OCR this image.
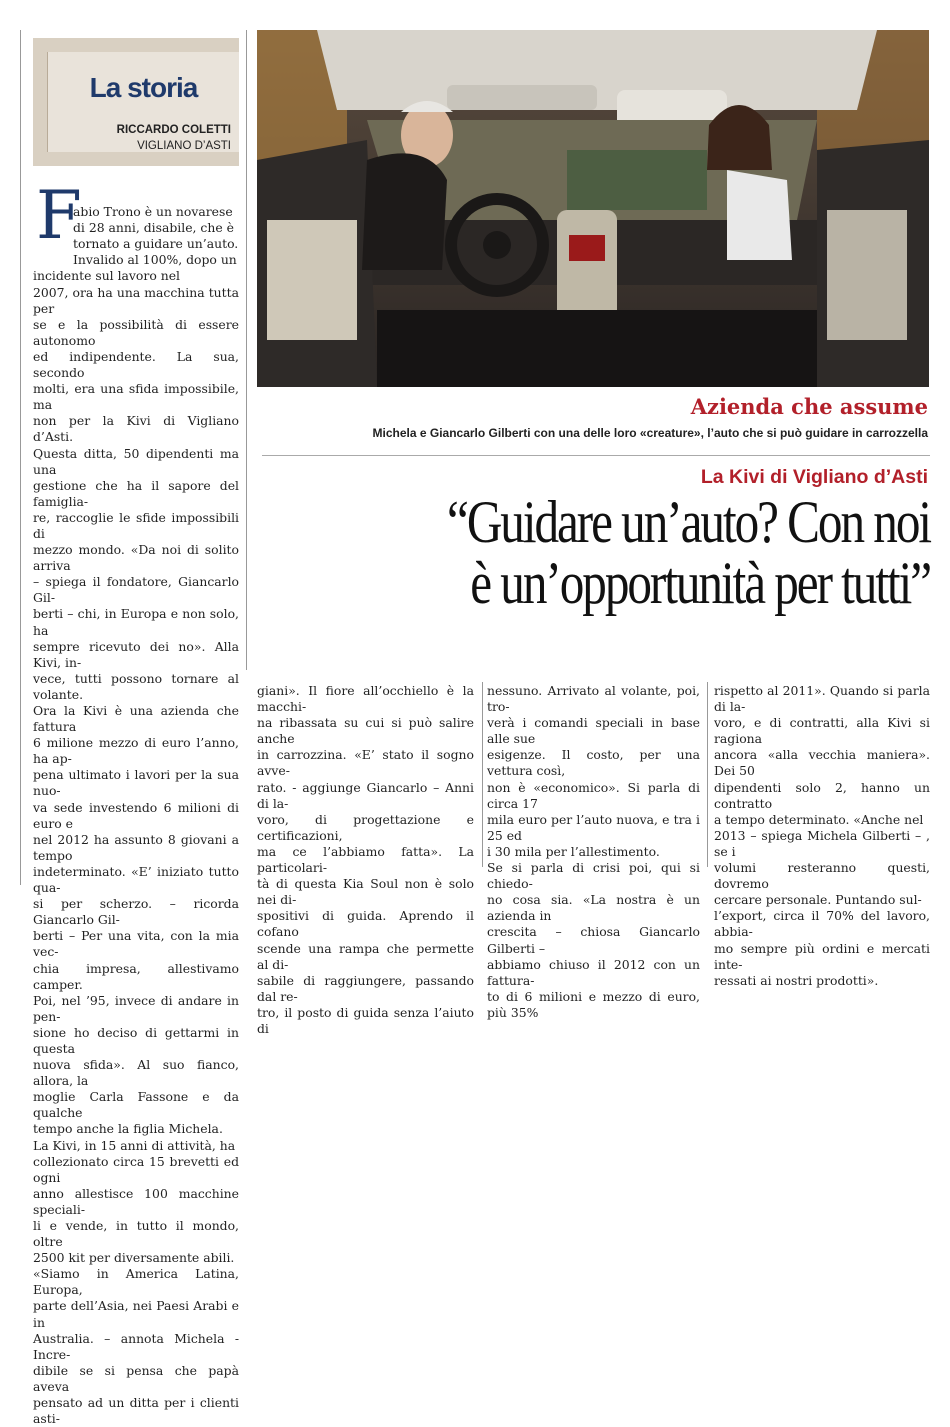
La storia
RICCARDO COLETTI
VIGLIANO D’ASTI
F

abio Trono è un novarese
di 28 anni, disabile, che è
tornato a guidare un’auto.
Invalido al 100%, dopo un
incidente sul lavoro nel
2007, ora ha una macchina tutta per
se e la possibilità di essere autonomo
ed indipendente. La sua, secondo
molti, era una sfida impossibile, ma
non per la Kivi di Vigliano d’Asti.
Questa ditta, 50 dipendenti ma una
gestione che ha il sapore del famiglia-
re, raccoglie le sfide impossibili di
mezzo mondo. «Da noi di solito arriva
– spiega il fondatore, Giancarlo Gil-
berti – chi, in Europa e non solo, ha
sempre ricevuto dei no». Alla Kivi, in-
vece, tutti possono tornare al volante.
Ora la Kivi è una azienda che fattura
6 milione mezzo di euro l’anno, ha ap-
pena ultimato i lavori per la sua nuo-
va sede investendo 6 milioni di euro e
nel 2012 ha assunto 8 giovani a tempo
indeterminato. «E’ iniziato tutto qua-
si per scherzo. – ricorda Giancarlo Gil-
berti – Per una vita, con la mia vec-
chia impresa, allestivamo camper.
Poi, nel ’95, invece di andare in pen-
sione ho deciso di gettarmi in questa
nuova sfida». Al suo fianco, allora, la
moglie Carla Fassone e da qualche
tempo anche la figlia Michela.
La Kivi, in 15 anni di attività, ha
collezionato circa 15 brevetti ed ogni
anno allestisce 100 macchine speciali-
li e vende, in tutto il mondo, oltre
2500 kit per diversamente abili.
«Siamo in America Latina, Europa,
parte dell’Asia, nei Paesi Arabi e in
Australia. – annota Michela - Incre-
dibile se si pensa che papà aveva
pensato ad un ditta per i clienti asti-

Azienda che assume
Michela e Giancarlo Gilberti con una delle loro «creature», l’auto che si può guidare in carrozzella
La Kivi di Vigliano d’Asti
“Guidare un’auto? Con noi
è un’opportunità per tutti”
giani». Il fiore all’occhiello è la macchi-
na ribassata su cui si può salire anche
in carrozzina. «E’ stato il sogno avve-
rato. - aggiunge Giancarlo – Anni di la-
voro, di progettazione e certificazioni,
ma ce l’abbiamo fatta». La particolari-
tà di questa Kia Soul non è solo nei di-
spositivi di guida. Aprendo il cofano
scende una rampa che permette al di-
sabile di raggiungere, passando dal re-
tro, il posto di guida senza l’aiuto di
nessuno. Arrivato al volante, poi, tro-
verà i comandi speciali in base alle sue
esigenze. Il costo, per una vettura così,
non è «economico». Si parla di circa 17
mila euro per l’auto nuova, e tra i 25 ed
i 30 mila per l’allestimento.
Se si parla di crisi poi, qui si chiedo-
no cosa sia. «La nostra è un azienda in
crescita – chiosa Giancarlo Gilberti –
abbiamo chiuso il 2012 con un fattura-
to di 6 milioni e mezzo di euro, più 35%
rispetto al 2011». Quando si parla di la-
voro, e di contratti, alla Kivi si ragiona
ancora «alla vecchia maniera». Dei 50
dipendenti solo 2, hanno un contratto
a tempo determinato. «Anche nel
2013 – spiega Michela Gilberti – , se i
volumi resteranno questi, dovremo
cercare personale. Puntando sul-
l’export, circa il 70% del lavoro, abbia-
mo sempre più ordini e mercati inte-
ressati ai nostri prodotti».
